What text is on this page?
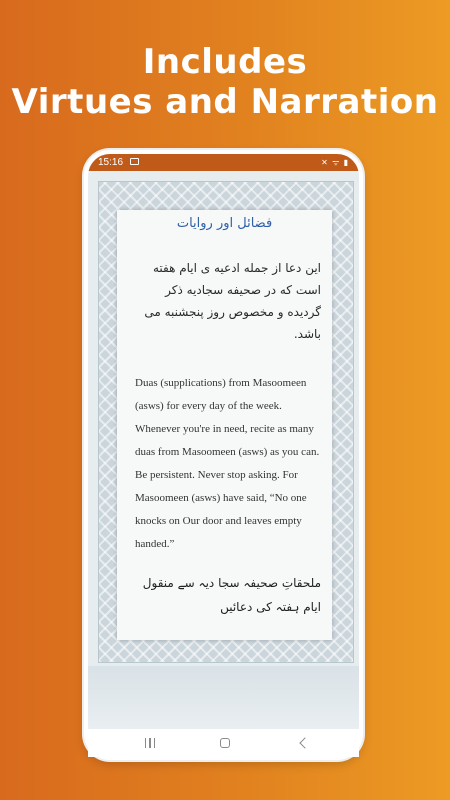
Includes
Virtues and Narration
15:16	✕ ᯤ ▮
فضائل اور روایات
این دعا از جمله ادعیه ی ایام هفته است که در صحیفه سجادیه ذکر گردیده و مخصوص روز پنجشنبه می باشد.
Duas (supplications) from Masoomeen (asws) for every day of the week. Whenever you're in need, recite as many duas from Masoomeen (asws) as you can. Be persistent. Never stop asking. For Masoomeen (asws) have said, “No one knocks on Our door and leaves empty handed.”
ملحقاتِ صحیفہ سجا دیہ سے منقول
ایام ہفتہ کی دعائیں
